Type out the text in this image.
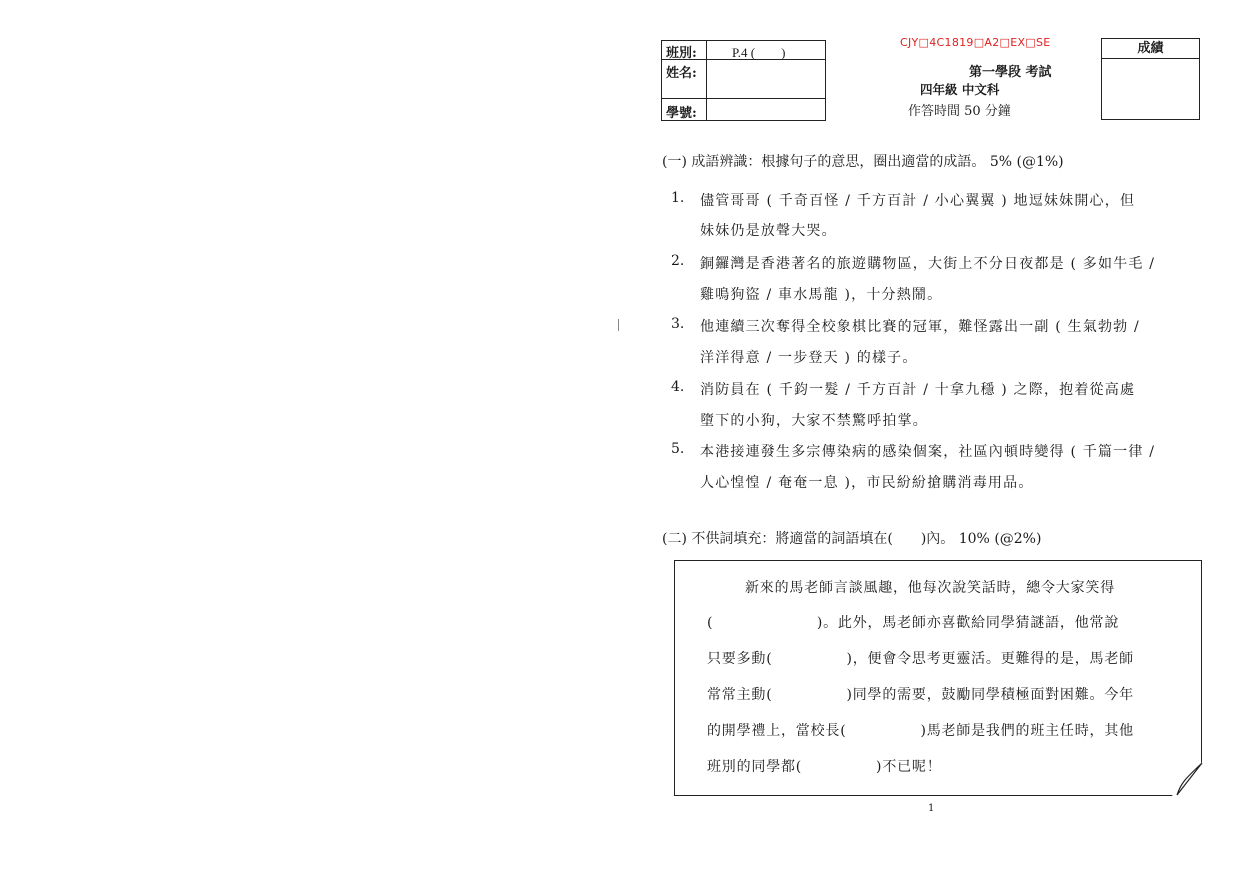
班別:	P.4 (　　)
姓名:
學號:
CJY□4C1819□A2□EX□SE
第一學段 考試
四年級 中文科
作答時間 50 分鐘
成績
(一) 成語辨識：根據句子的意思，圈出適當的成語。 5% (@1%)
1. 儘管哥哥 ( 千奇百怪 / 千方百計 / 小心翼翼 ) 地逗妹妹開心，但
妹妹仍是放聲大哭。
2. 銅鑼灣是香港著名的旅遊購物區，大街上不分日夜都是 ( 多如牛毛 /
雞鳴狗盜 / 車水馬龍 )，十分熱鬧。
3. 他連續三次奪得全校象棋比賽的冠軍，難怪露出一副 ( 生氣勃勃 /
洋洋得意 / 一步登天 ) 的樣子。
4. 消防員在 ( 千鈞一髮 / 千方百計 / 十拿九穩 ) 之際，抱着從高處
墮下的小狗，大家不禁驚呼拍掌。
5. 本港接連發生多宗傳染病的感染個案，社區內頓時變得 ( 千篇一律 /
人心惶惶 / 奄奄一息 )，市民紛紛搶購消毒用品。
(二) 不供詞填充：將適當的詞語填在(　　)內。 10% (@2%)
新來的馬老師言談風趣，他每次說笑話時，總令大家笑得
(　　　　　　　)。此外，馬老師亦喜歡給同學猜謎語，他常說
只要多動(　　　　　)，便會令思考更靈活。更難得的是，馬老師
常常主動(　　　　　)同學的需要，鼓勵同學積極面對困難。今年
的開學禮上，當校長(　　　　　)馬老師是我們的班主任時，其他
班別的同學都(　　　　　)不已呢！
1
